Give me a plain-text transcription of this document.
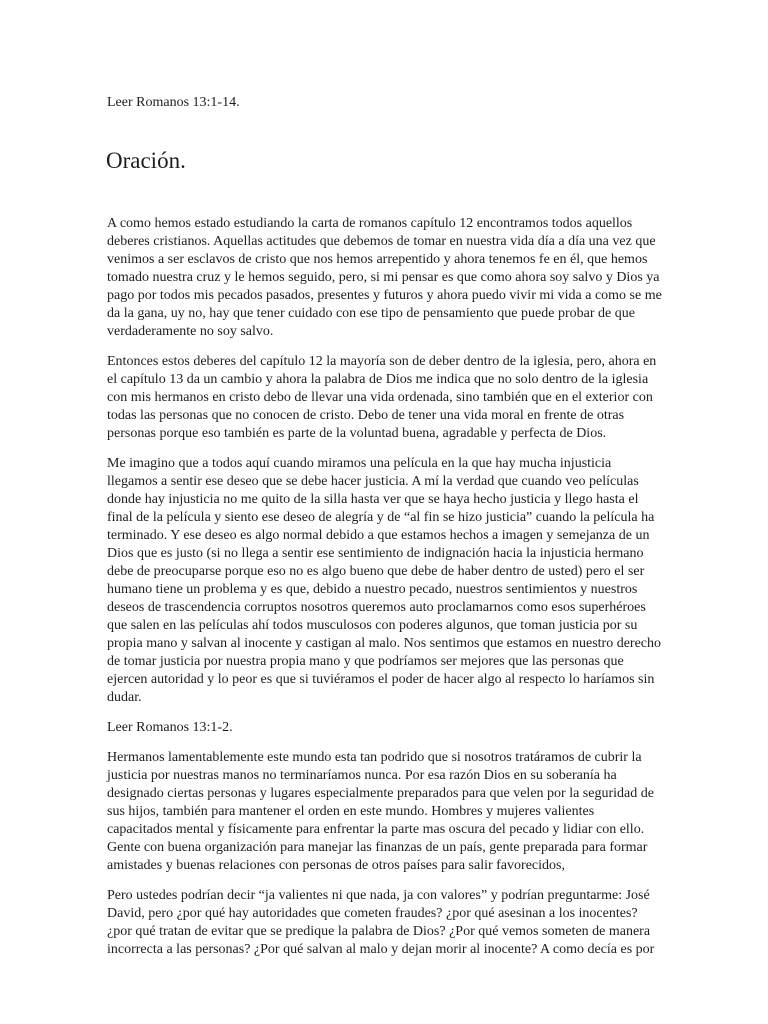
Leer Romanos 13:1-14.

Oración.

A como hemos estado estudiando la carta de romanos capítulo 12 encontramos todos aquellos deberes cristianos. Aquellas actitudes que debemos de tomar en nuestra vida día a día una vez que venimos a ser esclavos de cristo que nos hemos arrepentido y ahora tenemos fe en él, que hemos tomado nuestra cruz y le hemos seguido, pero, si mi pensar es que como ahora soy salvo y Dios ya pago por todos mis pecados pasados, presentes y futuros y ahora puedo vivir mi vida a como se me da la gana, uy no, hay que tener cuidado con ese tipo de pensamiento que puede probar de que verdaderamente no soy salvo.

Entonces estos deberes del capítulo 12 la mayoría son de deber dentro de la iglesia, pero, ahora en el capítulo 13 da un cambio y ahora la palabra de Dios me indica que no solo dentro de la iglesia con mis hermanos en cristo debo de llevar una vida ordenada, sino también que en el exterior con todas las personas que no conocen de cristo. Debo de tener una vida moral en frente de otras personas porque eso también es parte de la voluntad buena, agradable y perfecta de Dios.

Me imagino que a todos aquí cuando miramos una película en la que hay mucha injusticia llegamos a sentir ese deseo que se debe hacer justicia. A mí la verdad que cuando veo películas donde hay injusticia no me quito de la silla hasta ver que se haya hecho justicia y llego hasta el final de la película y siento ese deseo de alegría y de “al fin se hizo justicia” cuando la película ha terminado. Y ese deseo es algo normal debido a que estamos hechos a imagen y semejanza de un Dios que es justo (si no llega a sentir ese sentimiento de indignación hacia la injusticia hermano debe de preocuparse porque eso no es algo bueno que debe de haber dentro de usted) pero el ser humano tiene un problema y es que, debido a nuestro pecado, nuestros sentimientos y nuestros deseos de trascendencia corruptos nosotros queremos auto proclamarnos como esos superhéroes que salen en las películas ahí todos musculosos con poderes algunos, que toman justicia por su propia mano y salvan al inocente y castigan al malo. Nos sentimos que estamos en nuestro derecho de tomar justicia por nuestra propia mano y que podríamos ser mejores que las personas que ejercen autoridad y lo peor es que si tuviéramos el poder de hacer algo al respecto lo haríamos sin dudar.

Leer Romanos 13:1-2.

Hermanos lamentablemente este mundo esta tan podrido que si nosotros tratáramos de cubrir la justicia por nuestras manos no terminaríamos nunca. Por esa razón Dios en su soberanía ha designado ciertas personas y lugares especialmente preparados para que velen por la seguridad de sus hijos, también para mantener el orden en este mundo. Hombres y mujeres valientes capacitados mental y físicamente para enfrentar la parte mas oscura del pecado y lidiar con ello. Gente con buena organización para manejar las finanzas de un país, gente preparada para formar amistades y buenas relaciones con personas de otros países para salir favorecidos,

Pero ustedes podrían decir “ja valientes ni que nada, ja con valores” y podrían preguntarme: José David, pero ¿por qué hay autoridades que cometen fraudes? ¿por qué asesinan a los inocentes? ¿por qué tratan de evitar que se predique la palabra de Dios? ¿Por qué vemos someten de manera incorrecta a las personas? ¿Por qué salvan al malo y dejan morir al inocente? A como decía es por
